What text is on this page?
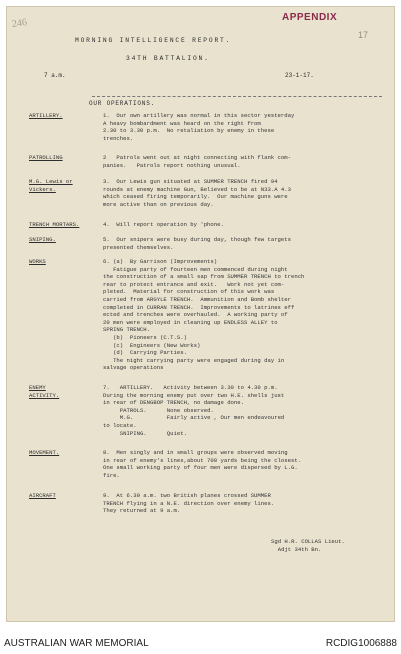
246	APPENDIX
17
MORNING INTELLIGENCE REPORT.
34TH BATTALION.
7 a.m.	23-1-17.
OUR OPERATIONS.
ARTILLERY.	1.  Our own artillery was normal in this sector yesterday
A heavy bombardment was heard on the right from
2.30 to 3.30 p.m.  No retaliation by enemy in these
trenches.
PATROLLING	2   Patrols went out at night connecting with flank com-
panies.   Patrols report nothing unusual.
M.G. Lewis or
Vickers.
3.  Our Lewis gun situated at SUMMER TRENCH fired 94
rounds at enemy machine Gun, Believed to be at N33.A 4.3
which ceased firing temporarily.  Our machine guns were
more active than on previous day.
TRENCH MORTARS.	4.  Will report operation by 'phone.
SNIPING.	5.  Our snipers were busy during day, though few targets
presented themselves.
WORKS	6. (a)  By Garrison (Improvements)
Fatigue party of fourteen men commenced during night
the construction of a small sap from SUMMER TRENCH to trench
rear to protect entrance and exit.   Work not yet com-
pleted.  Material for construction of this work was
carried from ARGYLE TRENCH.  Ammunition and Bomb shelter
completed in CURRAN TRENCH.  Improvements to latrines eff
ected and trenches were overhauled.  A working party of
20 men were employed in cleaning up ENDLESS ALLEY to
SPRING TRENCH.
(b)  Pioneers (C.T.S.)
(c)  Engineers (New Works)
(d)  Carrying Parties.
The night carrying party were engaged during day in
salvage operations
ENEMY
ACTIVITY.
7.   ARTILLERY.   Activity between 3.30 to 4.30 p.m.
During the morning enemy put over two H.E. shells just
in rear of DENGBOP TRENCH, no damage done.
PATROLS.      None observed.
M.G.          Fairly active , Our men endeavoured
to locate.
SNIPING.      Quiet.
MOVEMENT.	8.  Men singly and in small groups were observed moving
in rear of enemy's lines,about 700 yards being the closest.
One small working party of four men were dispersed by L.G.
fire.
AIRCRAFT	9.  At 6.30 a.m. two British planes crossed SUMMER
TRENCH flying in a N.E. direction over enemy lines.
They returned at 9 a.m.
Sgd H.R. COLLAS Lieut.
Adjt 34th Bn.
AUSTRALIAN WAR MEMORIAL	RCDIG1006888
